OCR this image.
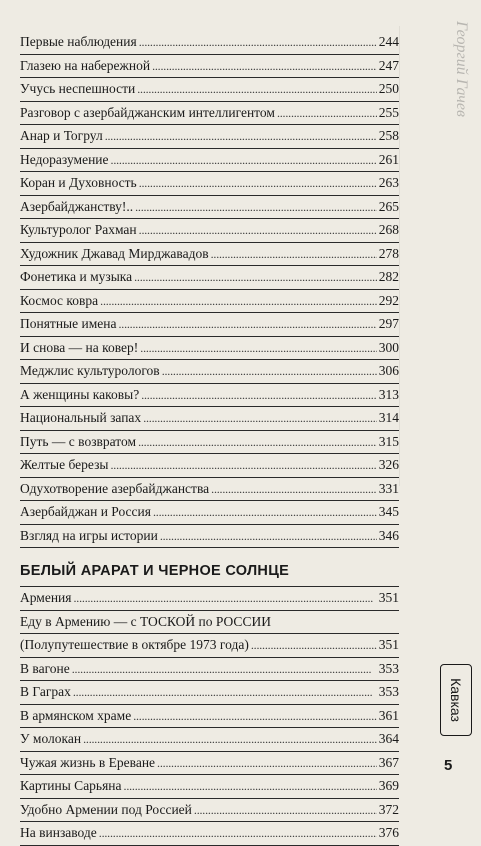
Георгий Гачев
Первые наблюдения . . .	244
Глазею на набережной . . .	247
Учусь неспешности . . .	250
Разговор с азербайджанским интеллигентом . . .	255
Анар и Тогрул . . .	258
Недоразумение . . .	261
Коран и Духовность . . .	263
Азербайджанству!.. . . .	265
Культуролог Рахман . . .	268
Художник Джавад Мирджавадов . . .	278
Фонетика и музыка . . .	282
Космос ковра . . .	292
Понятные имена . . .	297
И снова — на ковер! . . .	300
Меджлис культурологов . . .	306
А женщины каковы? . . .	313
Национальный запах . . .	314
Путь — с возвратом . . .	315
Желтые березы . . .	326
Одухотворение азербайджанства . . .	331
Азербайджан и Россия . . .	345
Взгляд на игры истории . . .	346
БЕЛЫЙ АРАРАТ И ЧЕРНОЕ СОЛНЦЕ
Армения . . .	351
Еду в Армению — с ТОСКОЙ по РОССИИ
(Полупутешествие в октябре 1973 года) . . .	351
В вагоне . . .	353
В Гаграх . . .	353
В армянском храме . . .	361
У молокан . . .	364
Чужая жизнь в Ереване . . .	367
Картины Сарьяна . . .	369
Удобно Армении под Россией . . .	372
На винзаводе . . .	376
Кавказ
5
